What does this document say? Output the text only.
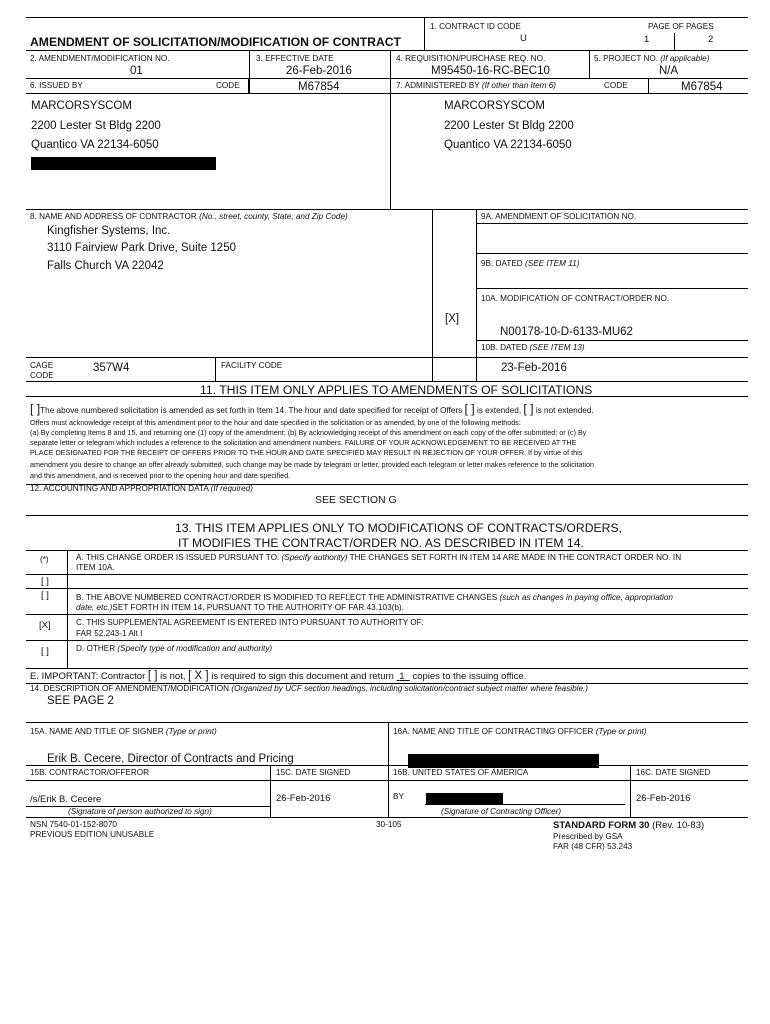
AMENDMENT OF SOLICITATION/MODIFICATION OF CONTRACT
1. CONTRACT ID CODE
U
PAGE OF PAGES
1	2
2. AMENDMENT/MODIFICATION NO.
01
3. EFFECTIVE DATE
26-Feb-2016
4. REQUISITION/PURCHASE REQ. NO.
M95450-16-RC-BEC10
5. PROJECT NO. (If applicable)
N/A
6. ISSUED BY	CODE	M67854	7. ADMINISTERED BY (If other than Item 6)	CODE	M67854
MARCORSYSCOM
2200 Lester St Bldg 2200
Quantico VA 22134-6050
MARCORSYSCOM
2200 Lester St Bldg 2200
Quantico VA 22134-6050
8. NAME AND ADDRESS OF CONTRACTOR (No., street, county, State, and Zip Code)
Kingfisher Systems, Inc.
3110 Fairview Park Drive, Suite 1250
Falls Church VA 22042
CAGE
CODE
357W4	FACILITY CODE
9A. AMENDMENT OF SOLICITATION NO.
9B. DATED (SEE ITEM 11)
10A. MODIFICATION OF CONTRACT/ORDER NO.
[X]
N00178-10-D-6133-MU62
10B. DATED (SEE ITEM 13)
23-Feb-2016
11. THIS ITEM ONLY APPLIES TO AMENDMENTS OF SOLICITATIONS
[ ]The above numbered solicitation is amended as set forth in Item 14. The hour and date specified for receipt of Offers [ ] is extended, [ ] is not extended.
Offers must acknowledge receipt of this amendment prior to the hour and date specified in the solicitation or as amended, by one of the following methods:
(a) By completing Items 8 and 15, and returning one (1) copy of the amendment; (b) By acknowledging receipt of this amendment on each copy of the offer submitted; or (c) By
separate letter or telegram which includes a reference to the solicitation and amendment numbers. FAILURE OF YOUR ACKNOWLEDGEMENT TO BE RECEIVED AT THE
PLACE DESIGNATED FOR THE RECEIPT OF OFFERS PRIOR TO THE HOUR AND DATE SPECIFIED MAY RESULT IN REJECTION OF YOUR OFFER. If by virtue of this
amendment you desire to change an offer already submitted, such change may be made by telegram or letter, provided each telegram or letter makes reference to the solicitation
and this amendment, and is received prior to the opening hour and date specified.
12. ACCOUNTING AND APPROPRIATION DATA (If required)
SEE SECTION G
13. THIS ITEM APPLIES ONLY TO MODIFICATIONS OF CONTRACTS/ORDERS,
IT MODIFIES THE CONTRACT/ORDER NO. AS DESCRIBED IN ITEM 14.
(*)	A. THIS CHANGE ORDER IS ISSUED PURSUANT TO: (Specify authority) THE CHANGES SET FORTH IN ITEM 14 ARE MADE IN THE CONTRACT ORDER NO. IN
ITEM 10A.
[ ]
[ ]	B. THE ABOVE NUMBERED CONTRACT/ORDER IS MODIFIED TO REFLECT THE ADMINISTRATIVE CHANGES (such as changes in paying office, appropriation
date, etc.)SET FORTH IN ITEM 14, PURSUANT TO THE AUTHORITY OF FAR 43.103(b).
[X]	C. THIS SUPPLEMENTAL AGREEMENT IS ENTERED INTO PURSUANT TO AUTHORITY OF:
FAR 52.243-1 Alt I
[ ]	D. OTHER (Specify type of modification and authority)
E. IMPORTANT: Contractor [ ] is not, [ X ] is required to sign this document and return 1 copies to the issuing office.
14. DESCRIPTION OF AMENDMENT/MODIFICATION (Organized by UCF section headings, including solicitation/contract subject matter where feasible.)
SEE PAGE 2
15A. NAME AND TITLE OF SIGNER (Type or print)	16A. NAME AND TITLE OF CONTRACTING OFFICER (Type or print)
Erik B. Cecere, Director of Contracts and Pricing
15B. CONTRACTOR/OFFEROR	15C. DATE SIGNED	16B. UNITED STATES OF AMERICA	16C. DATE SIGNED
/s/Erik B. Cecere	26-Feb-2016	BY	26-Feb-2016
(Signature of person authorized to sign)	(Signature of Contracting Officer)
NSN 7540-01-152-8070
PREVIOUS EDITION UNUSABLE
30-105	STANDARD FORM 30 (Rev. 10-83)
Prescribed by GSA
FAR (48 CFR) 53.243
